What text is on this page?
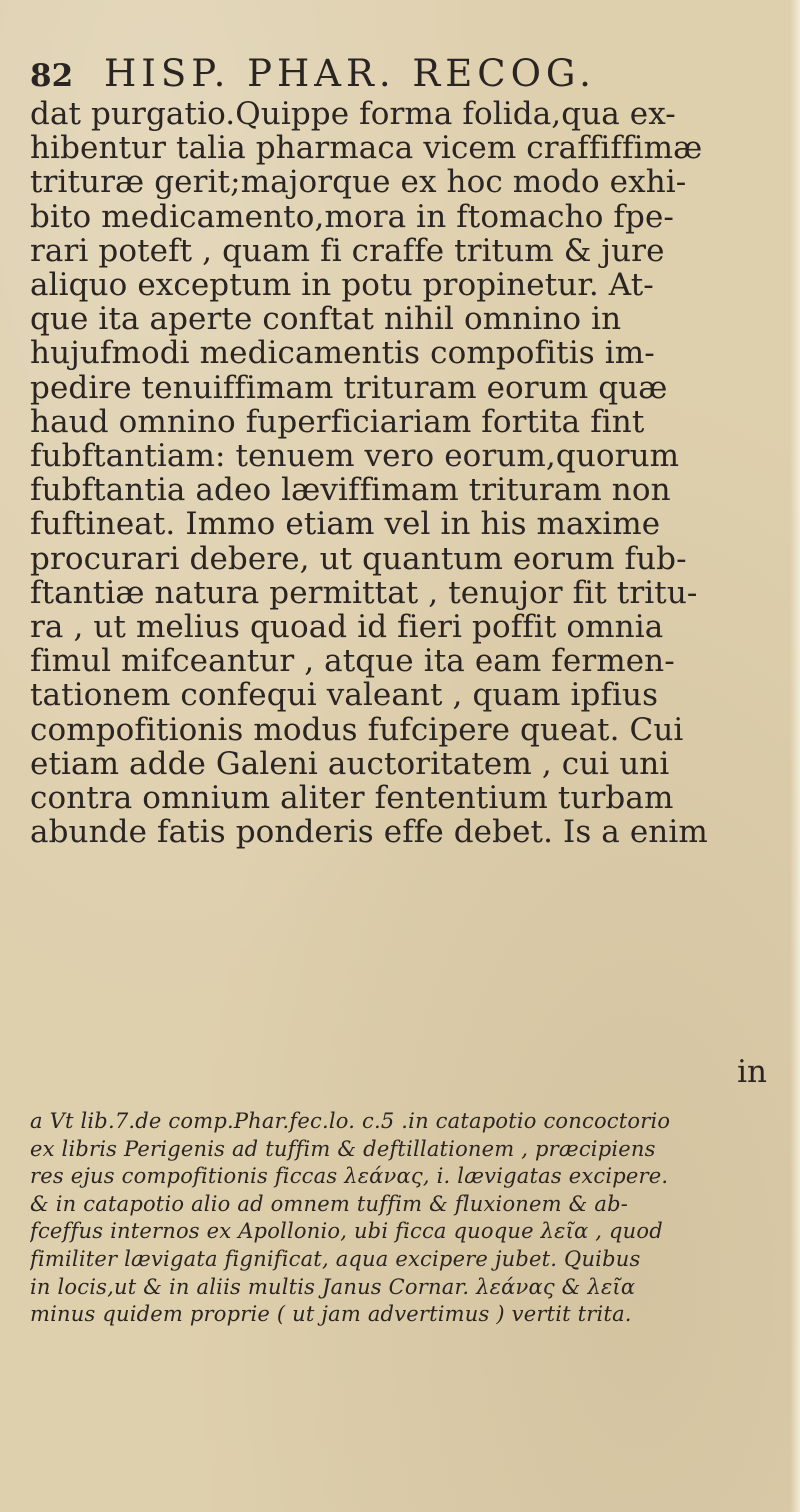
82 HISP. PHAR. RECOG.
dat purgatio.Quippe forma folida,qua ex-
hibentur talia pharmaca vicem craffiffimæ
trituræ gerit;majorque ex hoc modo exhi-
bito medicamento,mora in ftomacho fpe-
rari poteft , quam fi craffe tritum & jure
aliquo exceptum in potu propinetur. At-
que ita aperte conftat nihil omnino in
hujufmodi medicamentis compofitis im-
pedire tenuiffimam trituram eorum quæ
haud omnino fuperficiariam fortita fint
fubftantiam: tenuem vero eorum,quorum
fubftantia adeo læviffimam trituram non
fuftineat. Immo etiam vel in his maxime
procurari debere, ut quantum eorum fub-
ftantiæ natura permittat , tenujor fit tritu-
ra , ut melius quoad id fieri poffit omnia
fimul mifceantur , atque ita eam fermen-
tationem confequi valeant , quam ipfius
compofitionis modus fufcipere queat. Cui
etiam adde Galeni auctoritatem , cui uni
contra omnium aliter fententium turbam
abunde fatis ponderis effe debet. Is a enim
in
a Vt lib.7.de comp.Phar.fec.lo. c.5 .in catapotio concoctorio
ex libris Perigenis ad tuffim & deftillationem , præcipiens
res ejus compofitionis ficcas λεάνας, i. lævigatas excipere.
& in catapotio alio ad omnem tuffim & fluxionem & ab-
fceffus internos ex Apollonio, ubi ficca quoque λεῖα , quod
fimiliter lævigata fignificat, aqua excipere jubet. Quibus
in locis,ut & in aliis multis Janus Cornar. λεάνας & λεῖα
minus quidem proprie ( ut jam advertimus ) vertit trita.
